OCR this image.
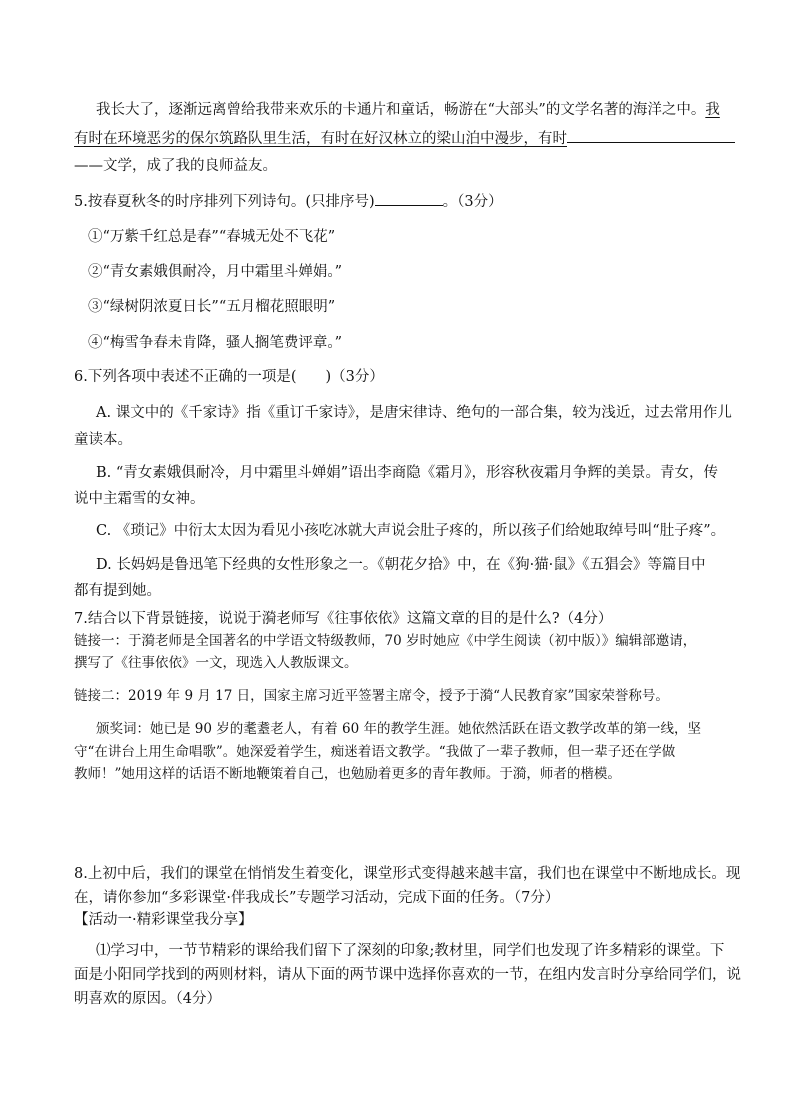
我长大了，逐渐远离曾给我带来欢乐的卡通片和童话，畅游在“大部头”的文学名著的海洋之中。我
有时在环境恶劣的保尔筑路队里生活，有时在好汉林立的梁山泊中漫步，有时
——文学，成了我的良师益友。
5.按春夏秋冬的时序排列下列诗句。(只排序号)	。（3分）
①“万紫千红总是春”“春城无处不飞花”
②“青女素娥俱耐冷，月中霜里斗婵娟。”
③“绿树阴浓夏日长”“五月榴花照眼明”
④“梅雪争春未肯降，骚人搁笔费评章。”
6.下列各项中表述不正确的一项是(　　)（3分）
A. 课文中的《千家诗》指《重订千家诗》，是唐宋律诗、绝句的一部合集，较为浅近，过去常用作儿
童读本。
B. “青女素娥俱耐冷，月中霜里斗婵娟”语出李商隐《霜月》，形容秋夜霜月争辉的美景。青女，传
说中主霜雪的女神。
C. 《琐记》中衍太太因为看见小孩吃冰就大声说会肚子疼的，所以孩子们给她取绰号叫“肚子疼”。
D. 长妈妈是鲁迅笔下经典的女性形象之一。《朝花夕拾》中，在《狗·猫·鼠》《五猖会》等篇目中
都有提到她。
7.结合以下背景链接，说说于漪老师写《往事依依》这篇文章的目的是什么?（4分）
链接一：于漪老师是全国著名的中学语文特级教师，70 岁时她应《中学生阅读（初中版）》编辑部邀请，
撰写了《往事依依》一文，现选入人教版课文。
链接二：2019 年 9 月 17 日，国家主席习近平签署主席令，授予于漪“人民教育家”国家荣誉称号。
颁奖词：她已是 90 岁的耄耋老人，有着 60 年的教学生涯。她依然活跃在语文教学改革的第一线，坚
守“在讲台上用生命唱歌”。她深爱着学生，痴迷着语文教学。“我做了一辈子教师，但一辈子还在学做
教师！”她用这样的话语不断地鞭策着自己，也勉励着更多的青年教师。于漪，师者的楷模。
8.上初中后，我们的课堂在悄悄发生着变化，课堂形式变得越来越丰富，我们也在课堂中不断地成长。现
在，请你参加“多彩课堂·伴我成长”专题学习活动，完成下面的任务。（7分）
【活动一·精彩课堂我分享】
⑴学习中，一节节精彩的课给我们留下了深刻的印象;教材里，同学们也发现了许多精彩的课堂。下
面是小阳同学找到的两则材料，请从下面的两节课中选择你喜欢的一节，在组内发言时分享给同学们，说
明喜欢的原因。（4分）
